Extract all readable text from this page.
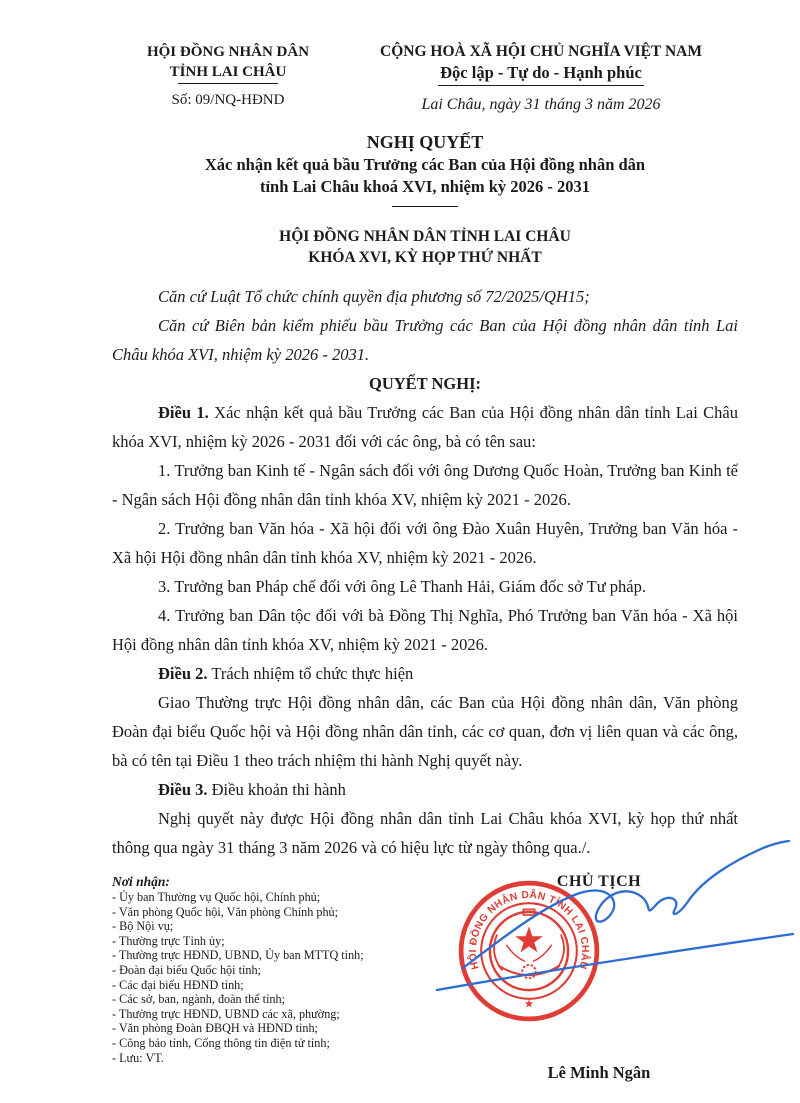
HỘI ĐỒNG NHÂN DÂN
TỈNH LAI CHÂU
Số: 09/NQ-HĐND
CỘNG HOÀ XÃ HỘI CHỦ NGHĨA VIỆT NAM
Độc lập - Tự do - Hạnh phúc
Lai Châu, ngày 31 tháng 3 năm 2026
NGHỊ QUYẾT
Xác nhận kết quả bầu Trưởng các Ban của Hội đồng nhân dân
tỉnh Lai Châu khoá XVI, nhiệm kỳ 2026 - 2031
HỘI ĐỒNG NHÂN DÂN TỈNH LAI CHÂU
KHÓA XVI, KỲ HỌP THỨ NHẤT

Căn cứ Luật Tổ chức chính quyền địa phương số 72/2025/QH15;

Căn cứ Biên bản kiểm phiếu bầu Trưởng các Ban của Hội đồng nhân dân tỉnh Lai Châu khóa XVI, nhiệm kỳ 2026 - 2031.

QUYẾT NGHỊ:

Điều 1. Xác nhận kết quả bầu Trưởng các Ban của Hội đồng nhân dân tỉnh Lai Châu khóa XVI, nhiệm kỳ 2026 - 2031 đối với các ông, bà có tên sau:

1. Trưởng ban Kinh tế - Ngân sách đối với ông Dương Quốc Hoàn, Trưởng ban Kinh tế - Ngân sách Hội đồng nhân dân tỉnh khóa XV, nhiệm kỳ 2021 - 2026.

2. Trưởng ban Văn hóa - Xã hội đối với ông Đào Xuân Huyên, Trưởng ban Văn hóa - Xã hội Hội đồng nhân dân tỉnh khóa XV, nhiệm kỳ 2021 - 2026.

3. Trưởng ban Pháp chế đối với ông Lê Thanh Hải, Giám đốc sở Tư pháp.

4. Trưởng ban Dân tộc đối với bà Đồng Thị Nghĩa, Phó Trưởng ban Văn hóa - Xã hội Hội đồng nhân dân tỉnh khóa XV, nhiệm kỳ 2021 - 2026.

Điều 2. Trách nhiệm tổ chức thực hiện

Giao Thường trực Hội đồng nhân dân, các Ban của Hội đồng nhân dân, Văn phòng Đoàn đại biểu Quốc hội và Hội đồng nhân dân tỉnh, các cơ quan, đơn vị liên quan và các ông, bà có tên tại Điều 1 theo trách nhiệm thi hành Nghị quyết này.

Điều 3. Điều khoản thi hành

Nghị quyết này được Hội đồng nhân dân tỉnh Lai Châu khóa XVI, kỳ họp thứ nhất thông qua ngày 31 tháng 3 năm 2026 và có hiệu lực từ ngày thông qua./.

Nơi nhận:
- Ủy ban Thường vụ Quốc hội, Chính phủ;
- Văn phòng Quốc hội, Văn phòng Chính phủ;
- Bộ Nội vụ;
- Thường trực Tỉnh ủy;
- Thường trực HĐND, UBND, Ủy ban MTTQ tỉnh;
- Đoàn đại biểu Quốc hội tỉnh;
- Các đại biểu HĐND tỉnh;
- Các sở, ban, ngành, đoàn thể tỉnh;
- Thường trực HĐND, UBND các xã, phường;
- Văn phòng Đoàn ĐBQH và HĐND tỉnh;
- Công báo tỉnh, Cổng thông tin điện tử tỉnh;
- Lưu: VT.
CHỦ TỊCH
Lê Minh Ngân
HỘI ĐỒNG NHÂN DÂN TỈNH LAI CHÂU
★
